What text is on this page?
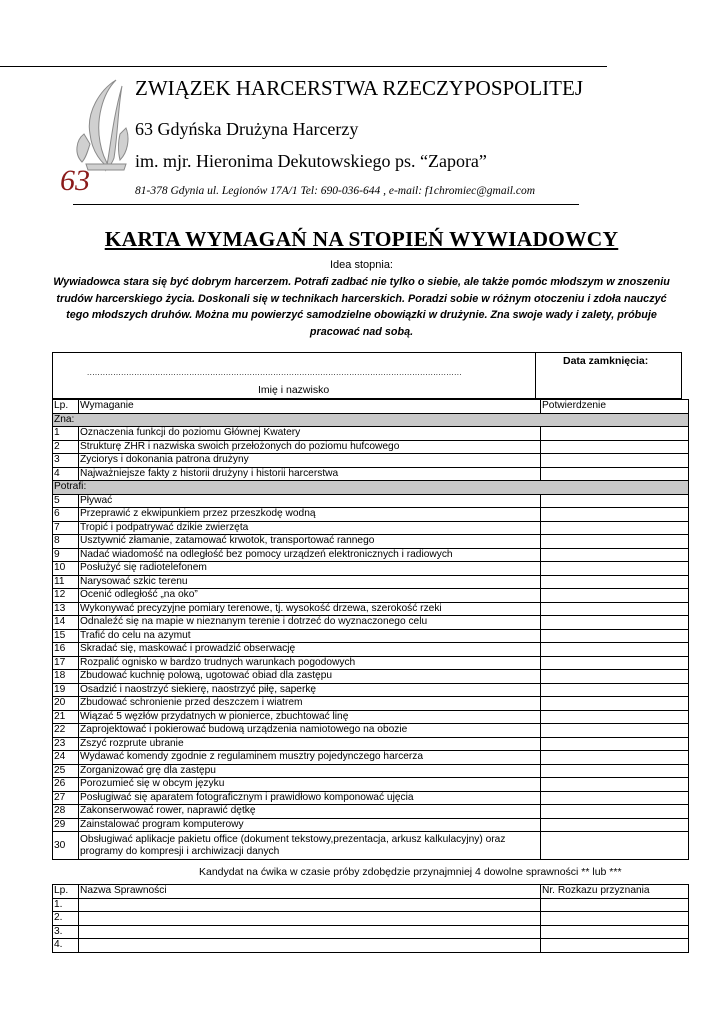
63
ZWIĄZEK HARCERSTWA RZECZYPOSPOLITEJ
63 Gdyńska Drużyna Harcerzy
im. mjr. Hieronima Dekutowskiego ps. “Zapora”
81-378 Gdynia ul. Legionów 17A/1 Tel: 690-036-644 , e-mail: f1chromiec@gmail.com
KARTA WYMAGAŃ NA STOPIEŃ WYWIADOWCY
Idea stopnia:
Wywiadowca stara się być dobrym harcerzem. Potrafi zadbać nie tylko o siebie, ale także pomóc młodszym w znoszeniu trudów harcerskiego życia. Doskonali się w technikach harcerskich. Poradzi sobie w różnym otoczeniu i zdoła nauczyć tego młodszych druhów. Można mu powierzyć samodzielne obowiązki w drużynie. Zna swoje wady i zalety, próbuje pracować nad sobą.
...............................................................................................................................................
Imię i nazwisko
Data zamknięcia:
Lp.	Wymaganie	Potwierdzenie
Zna:		
1	Oznaczenia funkcji do poziomu Głównej Kwatery	
2	Strukturę ZHR i nazwiska swoich przełożonych do poziomu hufcowego	
3	Życiorys i dokonania patrona drużyny	
4	Najważniejsze fakty z historii drużyny i historii harcerstwa	
Potrafi:		
5	Pływać	
6	Przeprawić z ekwipunkiem przez przeszkodę wodną	
7	Tropić i podpatrywać dzikie zwierzęta	
8	Usztywnić złamanie, zatamować krwotok, transportować rannego	
9	Nadać wiadomość na odległość bez pomocy urządzeń elektronicznych i radiowych	
10	Posłużyć się radiotelefonem	
11	Narysować szkic terenu	
12	Ocenić odległość „na oko”	
13	Wykonywać precyzyjne pomiary terenowe, tj. wysokość drzewa, szerokość rzeki	
14	Odnaleźć się na mapie w nieznanym terenie i dotrzeć do wyznaczonego celu	
15	Trafić do celu na azymut	
16	Skradać się, maskować i prowadzić obserwację	
17	Rozpalić ognisko w bardzo trudnych warunkach pogodowych	
18	Zbudować kuchnię polową, ugotować obiad dla zastępu	
19	Osadzić i naostrzyć siekierę, naostrzyć piłę, saperkę	
20	Zbudować schronienie przed deszczem i wiatrem	
21	Wiązać 5 węzłów przydatnych w pionierce, zbuchtować linę	
22	Zaprojektować i pokierować budową urządzenia namiotowego na obozie	
23	Zszyć rozprute ubranie	
24	Wydawać komendy zgodnie z regulaminem musztry pojedynczego harcerza	
25	Zorganizować grę dla zastępu	
26	Porozumieć się w obcym języku	
27	Posługiwać się aparatem fotograficznym i prawidłowo komponować ujęcia	
28	Zakonserwować rower, naprawić dętkę	
29	Zainstalować program komputerowy	
30	Obsługiwać aplikacje pakietu office (dokument tekstowy,prezentacja, arkusz kalkulacyjny) oraz programy do kompresji i archiwizacji danych	
Kandydat na ćwika w czasie próby zdobędzie przynajmniej 4 dowolne sprawności ** lub ***
Lp.	Nazwa Sprawności	Nr. Rozkazu przyznania
1.		
2.		
3.		
4.		
